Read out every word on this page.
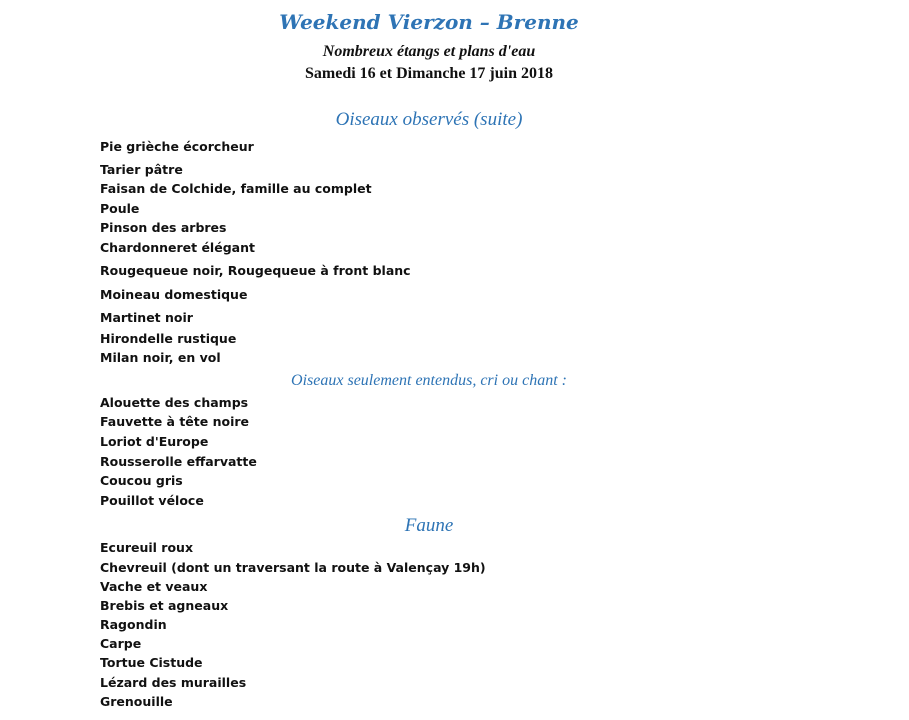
Weekend Vierzon – Brenne
Nombreux étangs et plans d'eau
Samedi 16 et Dimanche 17 juin 2018
Oiseaux observés (suite)
Pie grièche écorcheur
Tarier pâtre
Faisan de Colchide, famille au complet
Poule
Pinson des arbres
Chardonneret élégant
Rougequeue noir, Rougequeue à front blanc
Moineau domestique
Martinet noir
Hirondelle rustique
Milan noir, en vol
Oiseaux seulement entendus, cri ou chant :
Alouette des champs
Fauvette à tête noire
Loriot d'Europe
Rousserolle effarvatte
Coucou gris
Pouillot véloce
Faune
Ecureuil roux
Chevreuil (dont un traversant la route à Valençay 19h)
Vache et veaux
Brebis et agneaux
Ragondin
Carpe
Tortue Cistude
Lézard des murailles
Grenouille
